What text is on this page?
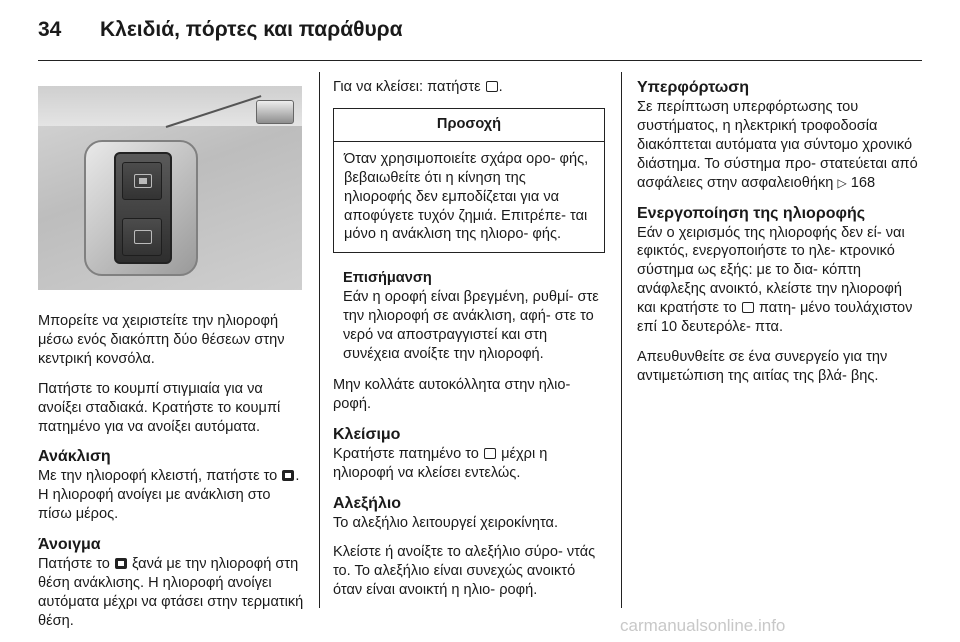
34 Κλειδιά, πόρτες και παράθυρα

Μπορείτε να χειριστείτε την ηλιοροφή μέσω ενός διακόπτη δύο θέσεων στην κεντρική κονσόλα.

Πατήστε το κουμπί στιγμιαία για να ανοίξει σταδιακά. Κρατήστε το κουμπί πατημένο για να ανοίξει αυτόματα.

Ανάκλιση
Με την ηλιοροφή κλειστή, πατήστε το . Η ηλιοροφή ανοίγει με ανάκλιση στο πίσω μέρος.
Άνοιγμα
Πατήστε το ξανά με την ηλιοροφή στη θέση ανάκλισης. Η ηλιοροφή ανοίγει αυτόματα μέχρι να φτάσει στην τερματική θέση.

Για να κλείσει: πατήστε .

Προσοχή
Όταν χρησιμοποιείτε σχάρα ορο- φής, βεβαιωθείτε ότι η κίνηση της ηλιοροφής δεν εμποδίζεται για να αποφύγετε τυχόν ζημιά. Επιτρέπε- ται μόνο η ανάκλιση της ηλιορο- φής.
Επισήμανση
Εάν η οροφή είναι βρεγμένη, ρυθμί- στε την ηλιοροφή σε ανάκλιση, αφή- στε το νερό να αποστραγγιστεί και στη συνέχεια ανοίξτε την ηλιοροφή.

Μην κολλάτε αυτοκόλλητα στην ηλιο- ροφή.

Κλείσιμο
Κρατήστε πατημένο το μέχρι η ηλιοροφή να κλείσει εντελώς.
Αλεξήλιο

Το αλεξήλιο λειτουργεί χειροκίνητα.

Κλείστε ή ανοίξτε το αλεξήλιο σύρο- ντάς το. Το αλεξήλιο είναι συνεχώς ανοικτό όταν είναι ανοικτή η ηλιο- ροφή.

Υπερφόρτωση
Σε περίπτωση υπερφόρτωσης του συστήματος, η ηλεκτρική τροφοδοσία διακόπτεται αυτόματα για σύντομο χρονικό διάστημα. Το σύστημα προ- στατεύεται από ασφάλειες στην ασφαλειοθήκη ▷ 168
Ενεργοποίηση της ηλιοροφής
Εάν ο χειρισμός της ηλιοροφής δεν εί- ναι εφικτός, ενεργοποιήστε το ηλε- κτρονικό σύστημα ως εξής: με το δια- κόπτη ανάφλεξης ανοικτό, κλείστε την ηλιοροφή και κρατήστε το πατη- μένο τουλάχιστον επί 10 δευτερόλε- πτα.

Απευθυνθείτε σε ένα συνεργείο για την αντιμετώπιση της αιτίας της βλά- βης.

carmanualsonline.info
